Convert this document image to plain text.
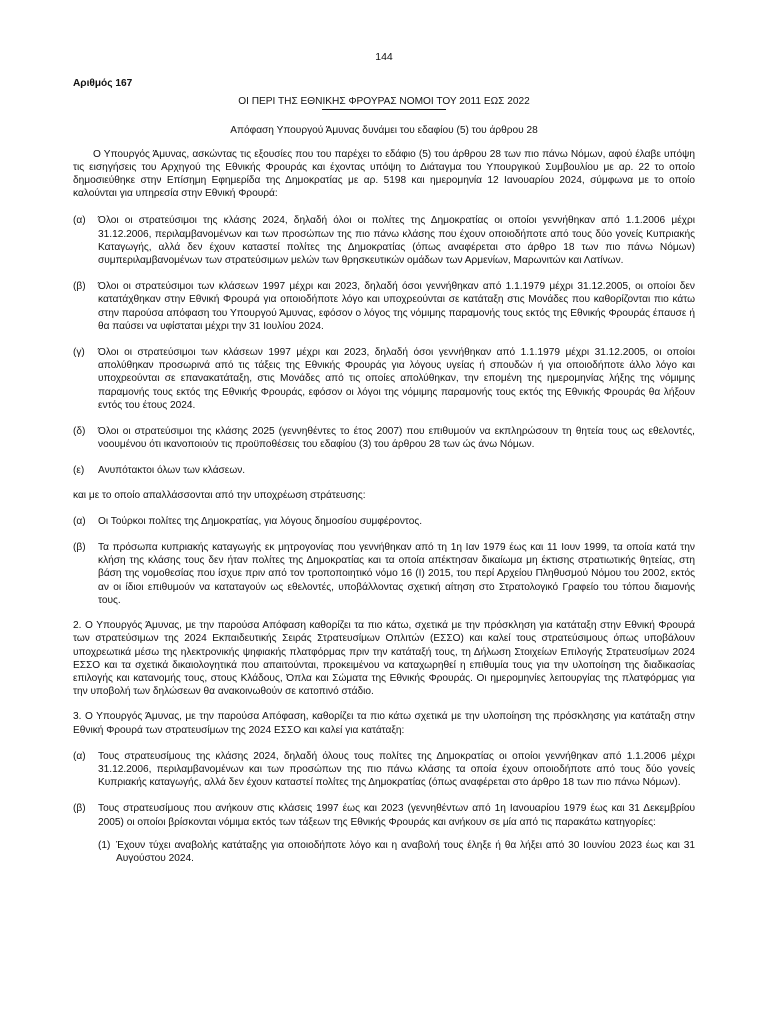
144

Αριθμός 167

ΟΙ ΠΕΡΙ ΤΗΣ ΕΘΝΙΚΗΣ ΦΡΟΥΡΑΣ ΝΟΜΟΙ ΤΟΥ 2011 ΕΩΣ 2022

Απόφαση Υπουργού Άμυνας δυνάμει του εδαφίου (5) του άρθρου 28

Ο Υπουργός Άμυνας, ασκώντας τις εξουσίες που του παρέχει το εδάφιο (5) του άρθρου 28 των πιο πάνω Νόμων, αφού έλαβε υπόψη τις εισηγήσεις του Αρχηγού της Εθνικής Φρουράς και έχοντας υπόψη το Διάταγμα του Υπουργικού Συμβουλίου με αρ. 22 το οποίο δημοσιεύθηκε στην Επίσημη Εφημερίδα της Δημοκρατίας με αρ. 5198 και ημερομηνία 12 Ιανουαρίου 2024, σύμφωνα με το οποίο καλούνται για υπηρεσία στην Εθνική Φρουρά:

(α)	Όλοι οι στρατεύσιμοι της κλάσης 2024, δηλαδή όλοι οι πολίτες της Δημοκρατίας οι οποίοι γεννήθηκαν από 1.1.2006 μέχρι 31.12.2006, περιλαμβανομένων και των προσώπων της πιο πάνω κλάσης που έχουν οποιοδήποτε από τους δύο γονείς Κυπριακής Καταγωγής, αλλά δεν έχουν καταστεί πολίτες της Δημοκρατίας (όπως αναφέρεται στο άρθρο 18 των πιο πάνω Νόμων) συμπεριλαμβανομένων των στρατεύσιμων μελών των θρησκευτικών ομάδων των Αρμενίων, Μαρωνιτών και Λατίνων.
(β)	Όλοι οι στρατεύσιμοι των κλάσεων 1997 μέχρι και 2023, δηλαδή όσοι γεννήθηκαν από 1.1.1979 μέχρι 31.12.2005, οι οποίοι δεν κατατάχθηκαν στην Εθνική Φρουρά για οποιοδήποτε λόγο και υποχρεούνται σε κατάταξη στις Μονάδες που καθορίζονται πιο κάτω στην παρούσα απόφαση του Υπουργού Άμυνας, εφόσον ο λόγος της νόμιμης παραμονής τους εκτός της Εθνικής Φρουράς έπαυσε ή θα παύσει να υφίσταται μέχρι την 31 Ιουλίου 2024.
(γ)	Όλοι οι στρατεύσιμοι των κλάσεων 1997 μέχρι και 2023, δηλαδή όσοι γεννήθηκαν από 1.1.1979 μέχρι 31.12.2005, οι οποίοι απολύθηκαν προσωρινά από τις τάξεις της Εθνικής Φρουράς για λόγους υγείας ή σπουδών ή για οποιοδήποτε άλλο λόγο και υποχρεούνται σε επανακατάταξη, στις Μονάδες από τις οποίες απολύθηκαν, την επομένη της ημερομηνίας λήξης της νόμιμης παραμονής τους εκτός της Εθνικής Φρουράς, εφόσον οι λόγοι της νόμιμης παραμονής τους εκτός της Εθνικής Φρουράς θα λήξουν εντός του έτους 2024.
(δ)	Όλοι οι στρατεύσιμοι της κλάσης 2025 (γεννηθέντες το έτος 2007) που επιθυμούν να εκπληρώσουν τη θητεία τους ως εθελοντές, νοουμένου ότι ικανοποιούν τις προϋποθέσεις του εδαφίου (3) του άρθρου 28 των ώς άνω Νόμων.
(ε)	Ανυπότακτοι όλων των κλάσεων.

και με το οποίο απαλλάσσονται από την υποχρέωση στράτευσης:

(α)	Οι Τούρκοι πολίτες της Δημοκρατίας, για λόγους δημοσίου συμφέροντος.
(β)	Τα πρόσωπα κυπριακής καταγωγής εκ μητρογονίας που γεννήθηκαν από τη 1η Ιαν 1979 έως και 11 Ιουν 1999, τα οποία κατά την κλήση της κλάσης τους δεν ήταν πολίτες της Δημοκρατίας και τα οποία απέκτησαν δικαίωμα μη έκτισης στρατιωτικής θητείας, στη βάση της νομοθεσίας που ίσχυε πριν από τον τροποποιητικό νόμο 16 (Ι) 2015, του περί Αρχείου Πληθυσμού Νόμου του 2002, εκτός αν οι ίδιοι επιθυμούν να καταταγούν ως εθελοντές, υποβάλλοντας σχετική αίτηση στο Στρατολογικό Γραφείο του τόπου διαμονής τους.

2. Ο Υπουργός Άμυνας, με την παρούσα Απόφαση καθορίζει τα πιο κάτω, σχετικά με την πρόσκληση για κατάταξη στην Εθνική Φρουρά των στρατεύσιμων της 2024 Εκπαιδευτικής Σειράς Στρατευσίμων Οπλιτών (ΕΣΣΟ) και καλεί τους στρατεύσιμους όπως υποβάλουν υποχρεωτικά μέσω της ηλεκτρονικής ψηφιακής πλατφόρμας πριν την κατάταξή τους, τη Δήλωση Στοιχείων Επιλογής Στρατευσίμων 2024 ΕΣΣΟ και τα σχετικά δικαιολογητικά που απαιτούνται, προκειμένου να καταχωρηθεί η επιθυμία τους για την υλοποίηση της διαδικασίας επιλογής και κατανομής τους, στους Κλάδους, Όπλα και Σώματα της Εθνικής Φρουράς. Οι ημερομηνίες λειτουργίας της πλατφόρμας για την υποβολή των δηλώσεων θα ανακοινωθούν σε κατοπινό στάδιο.

3. Ο Υπουργός Άμυνας, με την παρούσα Απόφαση, καθορίζει τα πιο κάτω σχετικά με την υλοποίηση της πρόσκλησης για κατάταξη στην Εθνική Φρουρά των στρατευσίμων της 2024 ΕΣΣΟ και καλεί για κατάταξη:

(α)	Τους στρατευσίμους της κλάσης 2024, δηλαδή όλους τους πολίτες της Δημοκρατίας οι οποίοι γεννήθηκαν από 1.1.2006 μέχρι 31.12.2006, περιλαμβανομένων και των προσώπων της πιο πάνω κλάσης τα οποία έχουν οποιοδήποτε από τους δύο γονείς Κυπριακής καταγωγής, αλλά δεν έχουν καταστεί πολίτες της Δημοκρατίας (όπως αναφέρεται στο άρθρο 18 των πιο πάνω Νόμων).
(β)	Τους στρατευσίμους που ανήκουν στις κλάσεις 1997 έως και 2023 (γεννηθέντων από 1η Ιανουαρίου 1979 έως και 31 Δεκεμβρίου 2005) οι οποίοι βρίσκονται νόμιμα εκτός των τάξεων της Εθνικής Φρουράς και ανήκουν σε μία από τις παρακάτω κατηγορίες:
(1) Έχουν τύχει αναβολής κατάταξης για οποιοδήποτε λόγο και η αναβολή τους έληξε ή θα λήξει από 30 Ιουνίου 2023 έως και 31 Αυγούστου 2024.
